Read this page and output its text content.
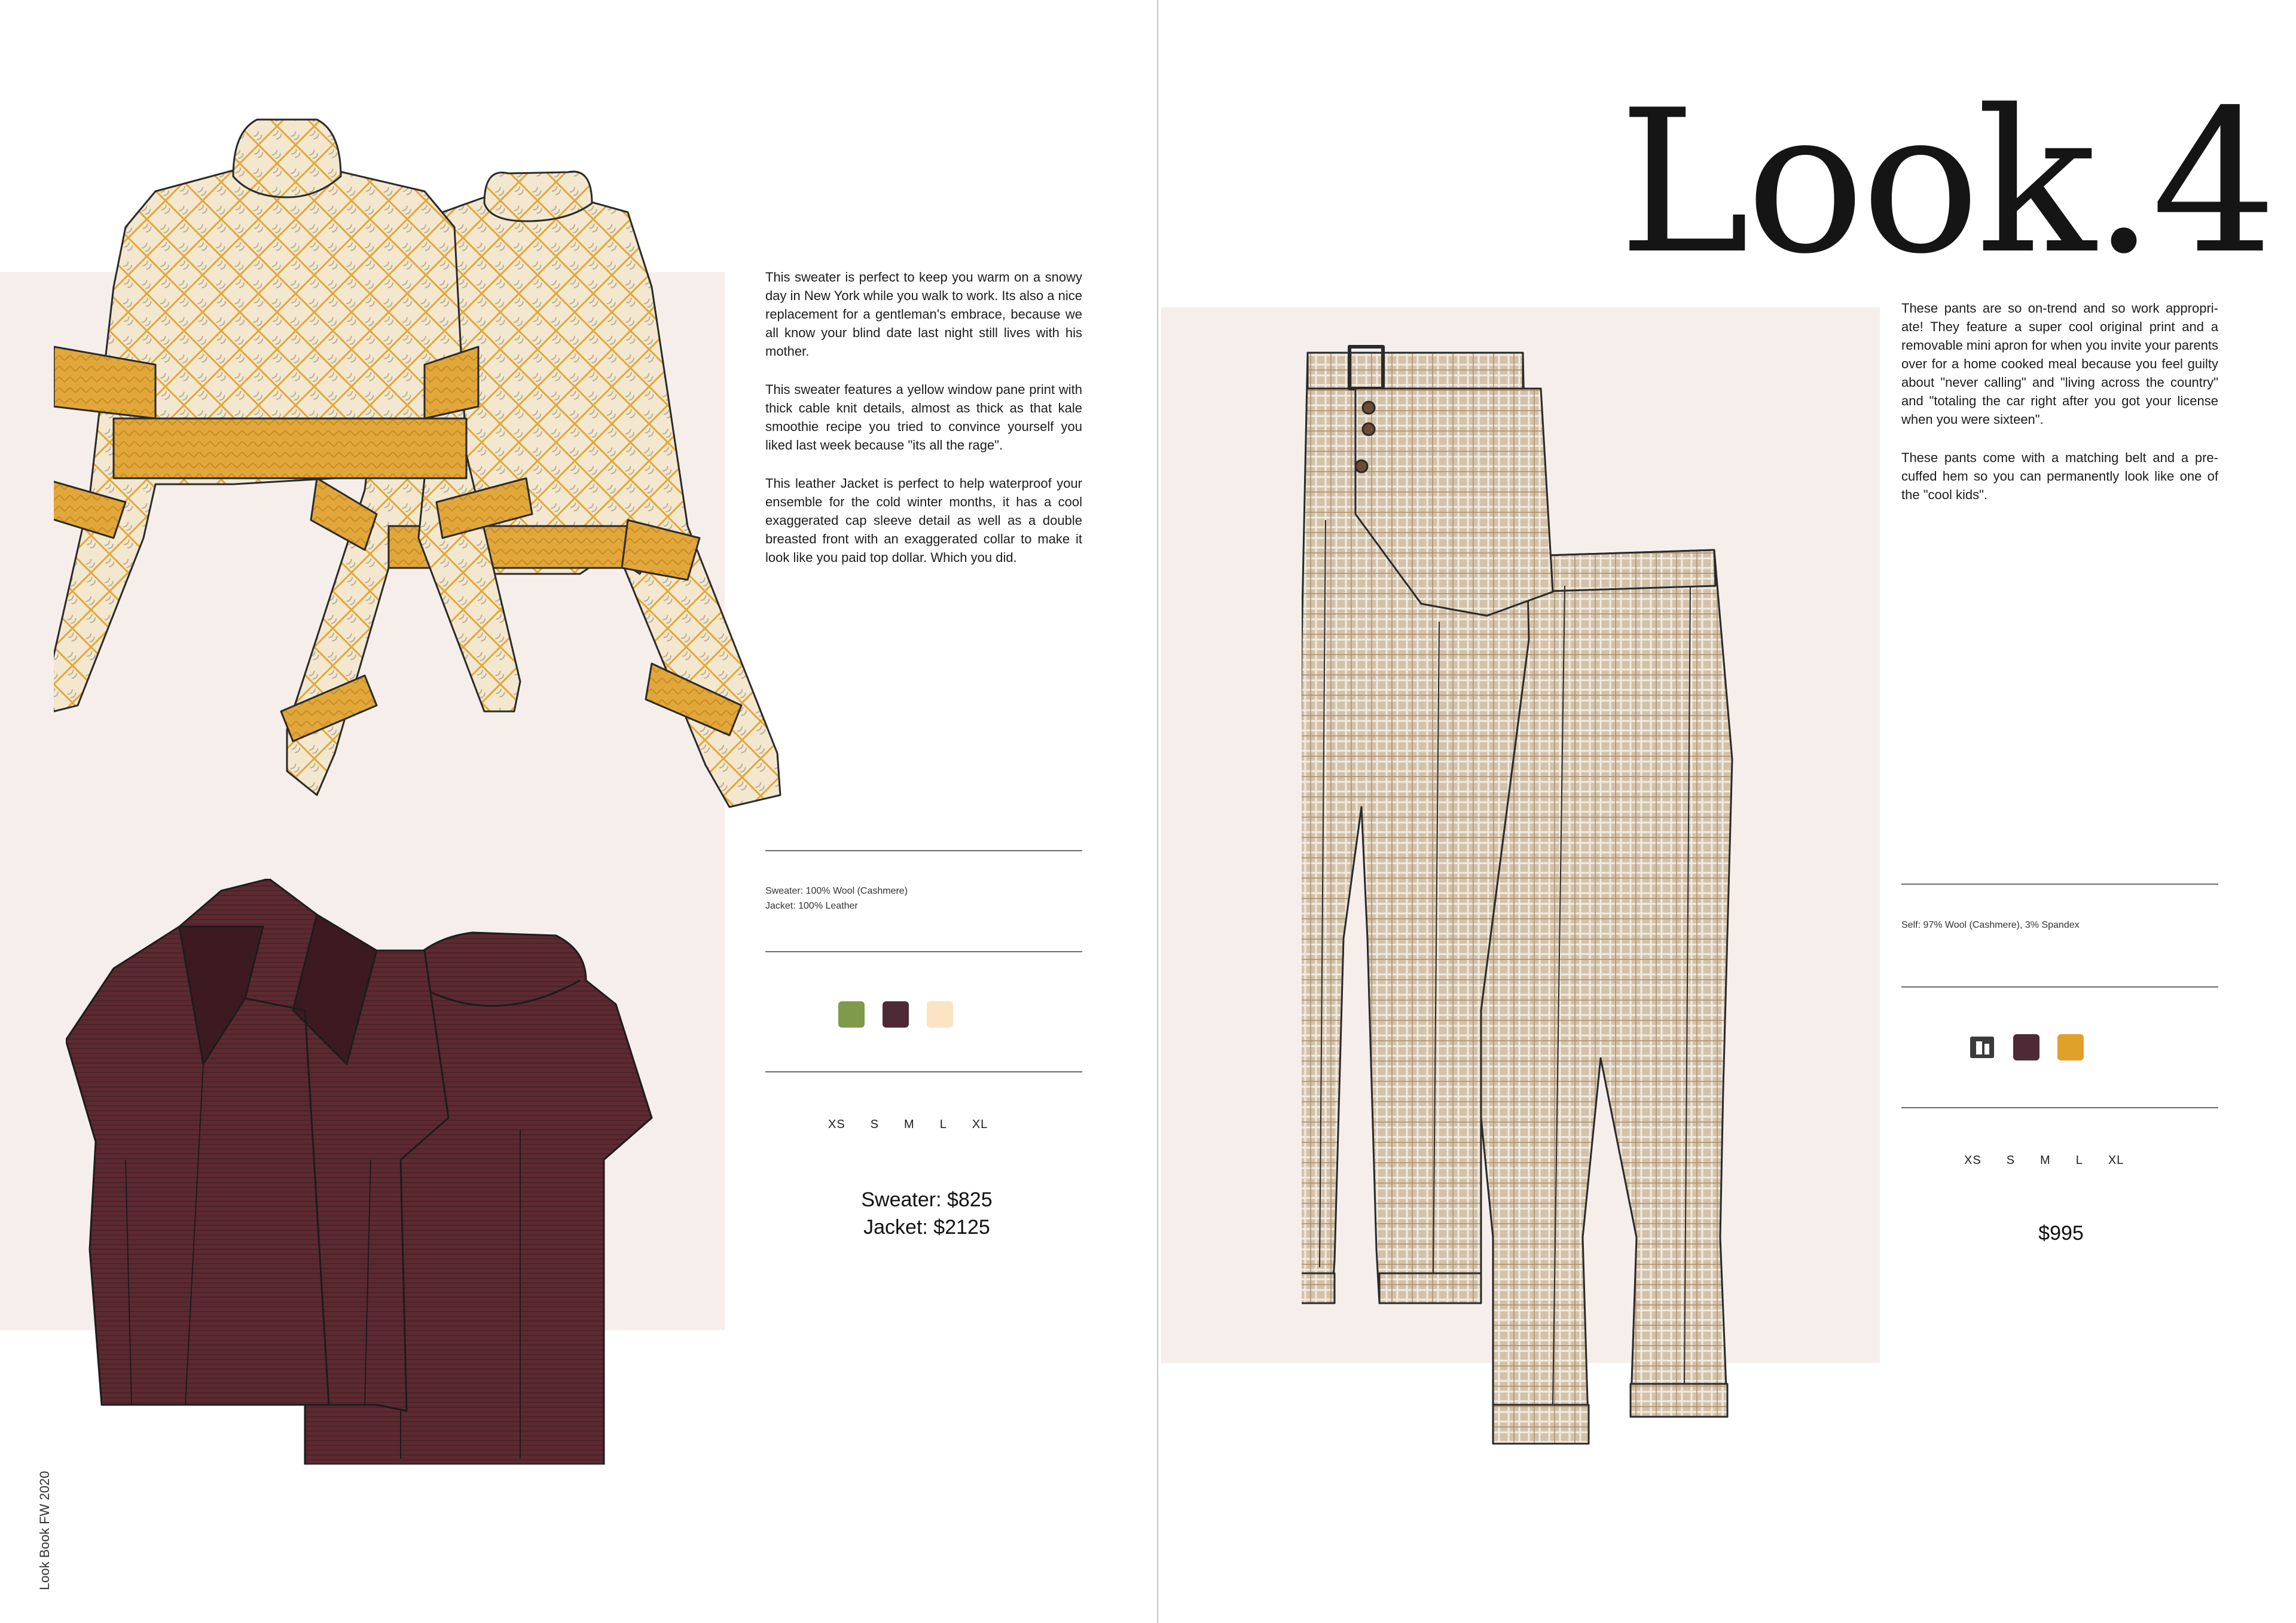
This sweater is perfect to keep you warm on a snowy day in New York while you walk to work. Its also a nice replacement for a gentleman's embrace, because we all know your blind date last night still lives with his mother.

This sweater features a yellow window pane print with thick cable knit details, almost as thick as that kale smoothie recipe you tried to convince yourself you liked last week because "its all the rage".

This leather Jacket is perfect to help waterproof your ensemble for the cold winter months, it has a cool exaggerated cap sleeve detail as well as a double breasted front with an exaggerated collar to make it look like you paid top dollar. Which you did.

Sweater: 100% Wool (Cashmere)
Jacket: 100% Leather
XS S M L XL
Sweater: $825
Jacket: $2125
Look Book FW 2020
Look.4

These pants are so on-trend and so work appropri-ate! They feature a super cool original print and a removable mini apron for when you invite your parents over for a home cooked meal because you feel guilty about "never calling" and "living across the country" and "totaling the car right after you got your license when you were sixteen".

These pants come with a matching belt and a pre-cuffed hem so you can permanently look like one of the "cool kids".

Self: 97% Wool (Cashmere), 3% Spandex
XS S M L XL
$995
